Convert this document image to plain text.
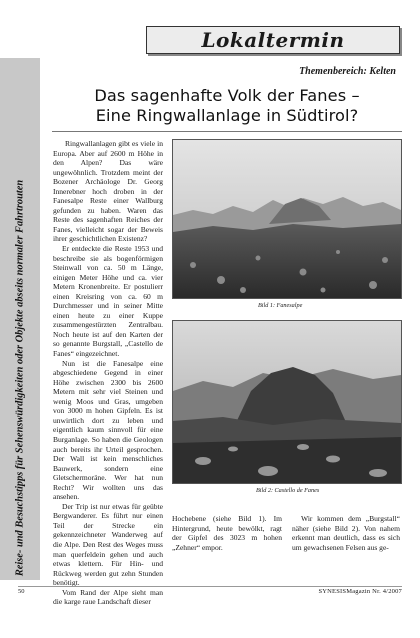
Lokaltermin
Reise- und Besuchstipps für Sehenswürdigkeiten oder Objekte abseits normaler Fahrtrouten
Themenbereich: Kelten
Das sagenhafte Volk der Fanes –
Eine Ringwallanlage in Südtirol?

Ringwallanlagen gibt es viele in Europa. Aber auf 2600 m Höhe in den Alpen? Das wäre ungewöhnlich. Trotzdem meint der Bozener Archäologe Dr. Georg Innerebner hoch droben in der Fanesalpe Reste einer Wallburg gefunden zu haben. Waren das Reste des sagenhaften Reiches der Fanes, vielleicht sogar der Beweis ihrer geschichtlichen Existenz?

Er entdeckte die Reste 1953 und beschreibe sie als bogenförmigen Steinwall von ca. 50 m Länge, einigen Meter Höhe und ca. vier Metern Kronenbreite. Er postulierr einen Kreisring von ca. 60 m Durchmesser und in seiner Mitte einen heute zu einer Kuppe zusammengestürzten Zentralbau. Noch heute ist auf den Karten der so genannte Burgstall, „Castello de Fanes“ eingezeichnet.

Nun ist die Fanesalpe eine abgeschiedene Gegend in einer Höhe zwischen 2300 bis 2600 Metern mit sehr viel Steinen und wenig Moos und Gras, umgeben von 3000 m hohen Gipfeln. Es ist unwirtlich dort zu leben und eigentlich kaum sinnvoll für eine Burganlage. So haben die Geologen auch bereits ihr Urteil gesprochen. Der Wall ist kein menschliches Bauwerk, sondern eine Gletschermoräne. Wer hat nun Recht? Wir wollten uns das ansehen.

Der Trip ist nur etwas für geübte Bergwanderer. Es führt nur einen Teil der Strecke ein gekennzeichneter Wanderweg auf die Alpe. Den Rest des Weges muss man querfeldein gehen und auch etwas klettern. Für Hin- und Rückweg werden gut zehn Stunden benötigt.

Vom Rand der Alpe sieht man die karge raue Landschaft dieser

Bild 1: Fanesalpe
Bild 2: Castello de Fanes

Hochebene (siehe Bild 1). Im Hintergrund, heute bewölkt, ragt der Gipfel des 3023 m hohen „Zehner“ empor.

Wir kommen dem „Burgstall“ näher (siehe Bild 2). Von nahem erkennt man deutlich, dass es sich um gewachsenen Felsen aus ge-

50	SYNESISMagazin Nr. 4/2007
